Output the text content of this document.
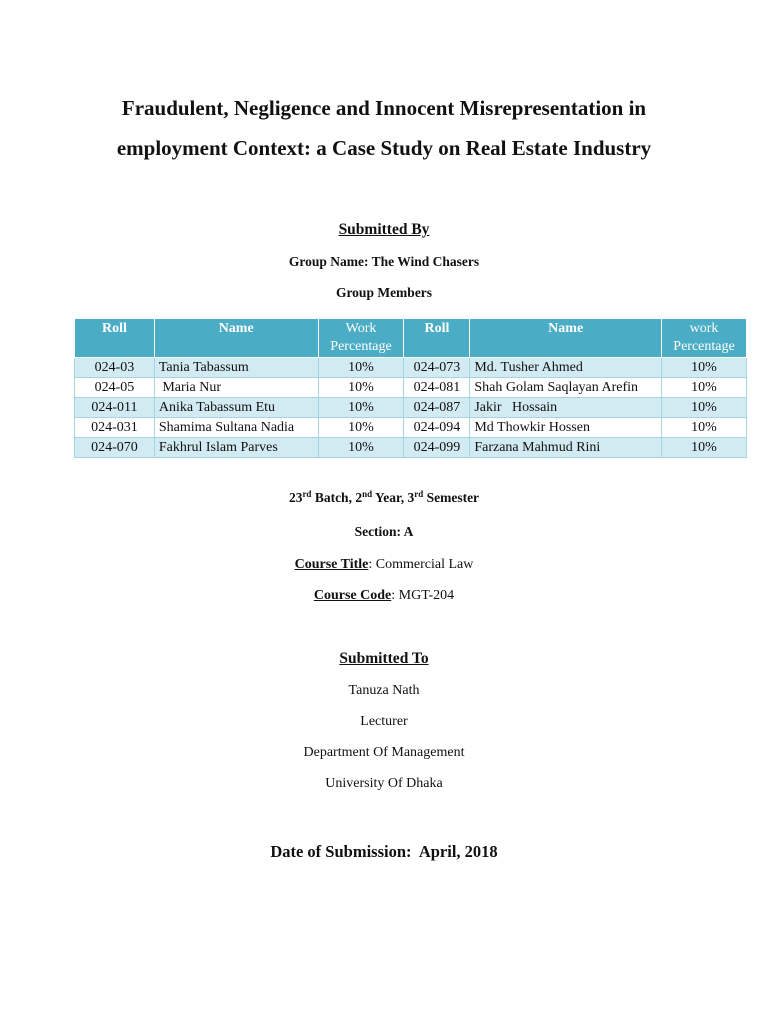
Fraudulent, Negligence and Innocent Misrepresentation in
employment Context: a Case Study on Real Estate Industry
Submitted By
Group Name: The Wind Chasers
Group Members
Roll	Name	Work Percentage	Roll	Name	work Percentage
024-03	Tania Tabassum	10%	024-073	Md. Tusher Ahmed	10%
024-05	Maria Nur	10%	024-081	Shah Golam Saqlayan Arefin	10%
024-011	Anika Tabassum Etu	10%	024-087	Jakir   Hossain	10%
024-031	Shamima Sultana Nadia	10%	024-094	Md Thowkir Hossen	10%
024-070	Fakhrul Islam Parves	10%	024-099	Farzana Mahmud Rini	10%
23rd Batch, 2nd Year, 3rd Semester
Section: A
Course Title: Commercial Law
Course Code: MGT-204
Submitted To
Tanuza Nath
Lecturer
Department Of Management
University Of Dhaka
Date of Submission:  April, 2018
